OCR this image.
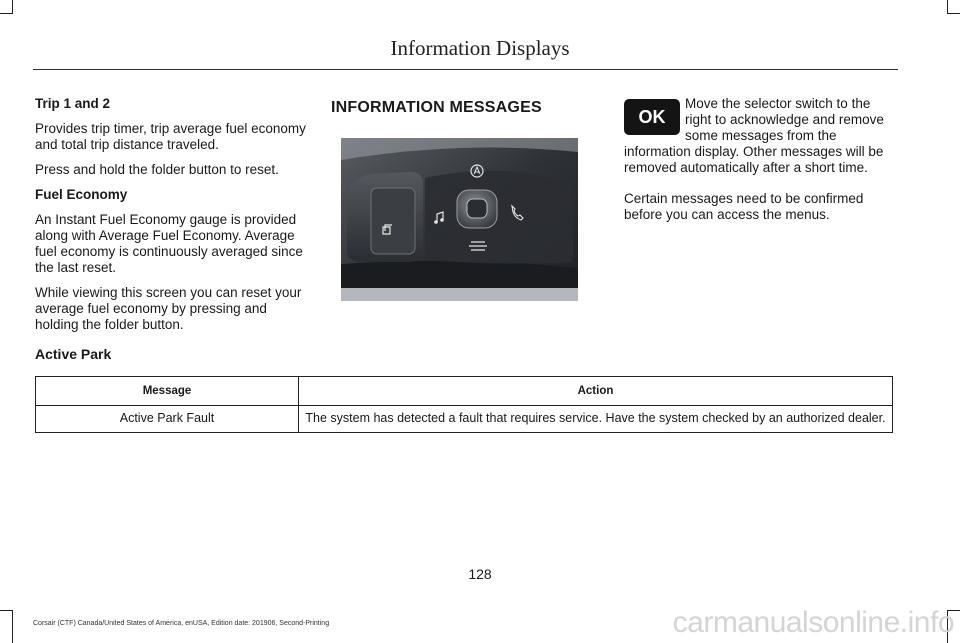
Information Displays

Trip 1 and 2

Provides trip timer, trip average fuel economy and total trip distance traveled.

Press and hold the folder button to reset.

Fuel Economy

An Instant Fuel Economy gauge is provided along with Average Fuel Economy. Average fuel economy is continuously averaged since the last reset.

While viewing this screen you can reset your average fuel economy by pressing and holding the folder button.

INFORMATION MESSAGES	OK

Move the selector switch to the right to acknowledge and remove some messages from the

information display. Other messages will be removed automatically after a short time.

Certain messages need to be confirmed before you can access the menus.

Active Park
Message	Action
Active Park Fault	The system has detected a fault that requires service. Have the system checked by an authorized dealer.
128
Corsair (CTF) Canada/United States of America, enUSA, Edition date: 201906, Second-Printing	carmanualsonline.info
